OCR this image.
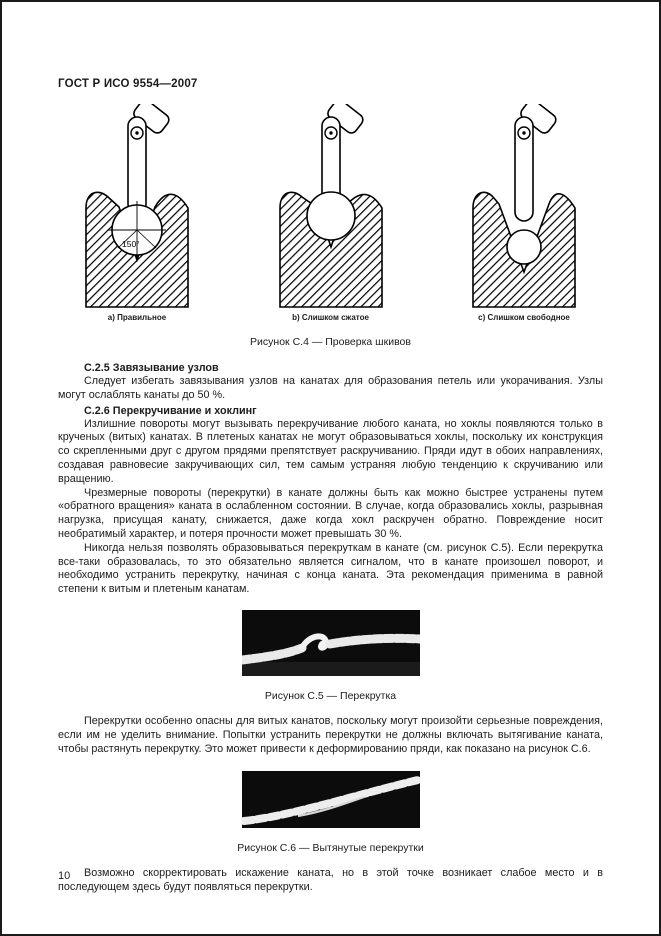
ГОСТ Р ИСО 9554—2007
150°
а) Правильное	b) Слишком сжатое	с) Слишком свободное
Рисунок С.4 — Проверка шкивов
С.2.5 Завязывание узлов

Следует избегать завязывания узлов на канатах для образования петель или укорачивания. Узлы могут ослаблять канаты до 50 %.

С.2.6 Перекручивание и хоклинг

Излишние повороты могут вызывать перекручивание любого каната, но хоклы появляются только в крученых (витых) канатах. В плетеных канатах не могут образовываться хоклы, поскольку их конструкция со скрепленными друг с другом прядями препятствует раскручиванию. Пряди идут в обоих направлениях, создавая равновесие закручивающих сил, тем самым устраняя любую тенденцию к скручиванию или вращению.

Чрезмерные повороты (перекрутки) в канате должны быть как можно быстрее устранены путем «обратного вращения» каната в ослабленном состоянии. В случае, когда образовались хоклы, разрывная нагрузка, присущая канату, снижается, даже когда хокл раскручен обратно. Повреждение носит необратимый характер, и потеря прочности может превышать 30 %.

Никогда нельзя позволять образовываться перекруткам в канате (см. рисунок С.5). Если перекрутка все-таки образовалась, то это обязательно является сигналом, что в канате произошел поворот, и необходимо устранить перекрутку, начиная с конца каната. Эта рекомендация применима в равной степени к витым и плетеным канатам.

Рисунок С.5 — Перекрутка

Перекрутки особенно опасны для витых канатов, поскольку могут произойти серьезные повреждения, если им не уделить внимание. Попытки устранить перекрутки не должны включать вытягивание каната, чтобы растянуть перекрутку. Это может привести к деформированию пряди, как показано на рисунок С.6.

Рисунок С.6 — Вытянутые перекрутки

Возможно скорректировать искажение каната, но в этой точке возникает слабое место и в последующем здесь будут появляться перекрутки.

10
